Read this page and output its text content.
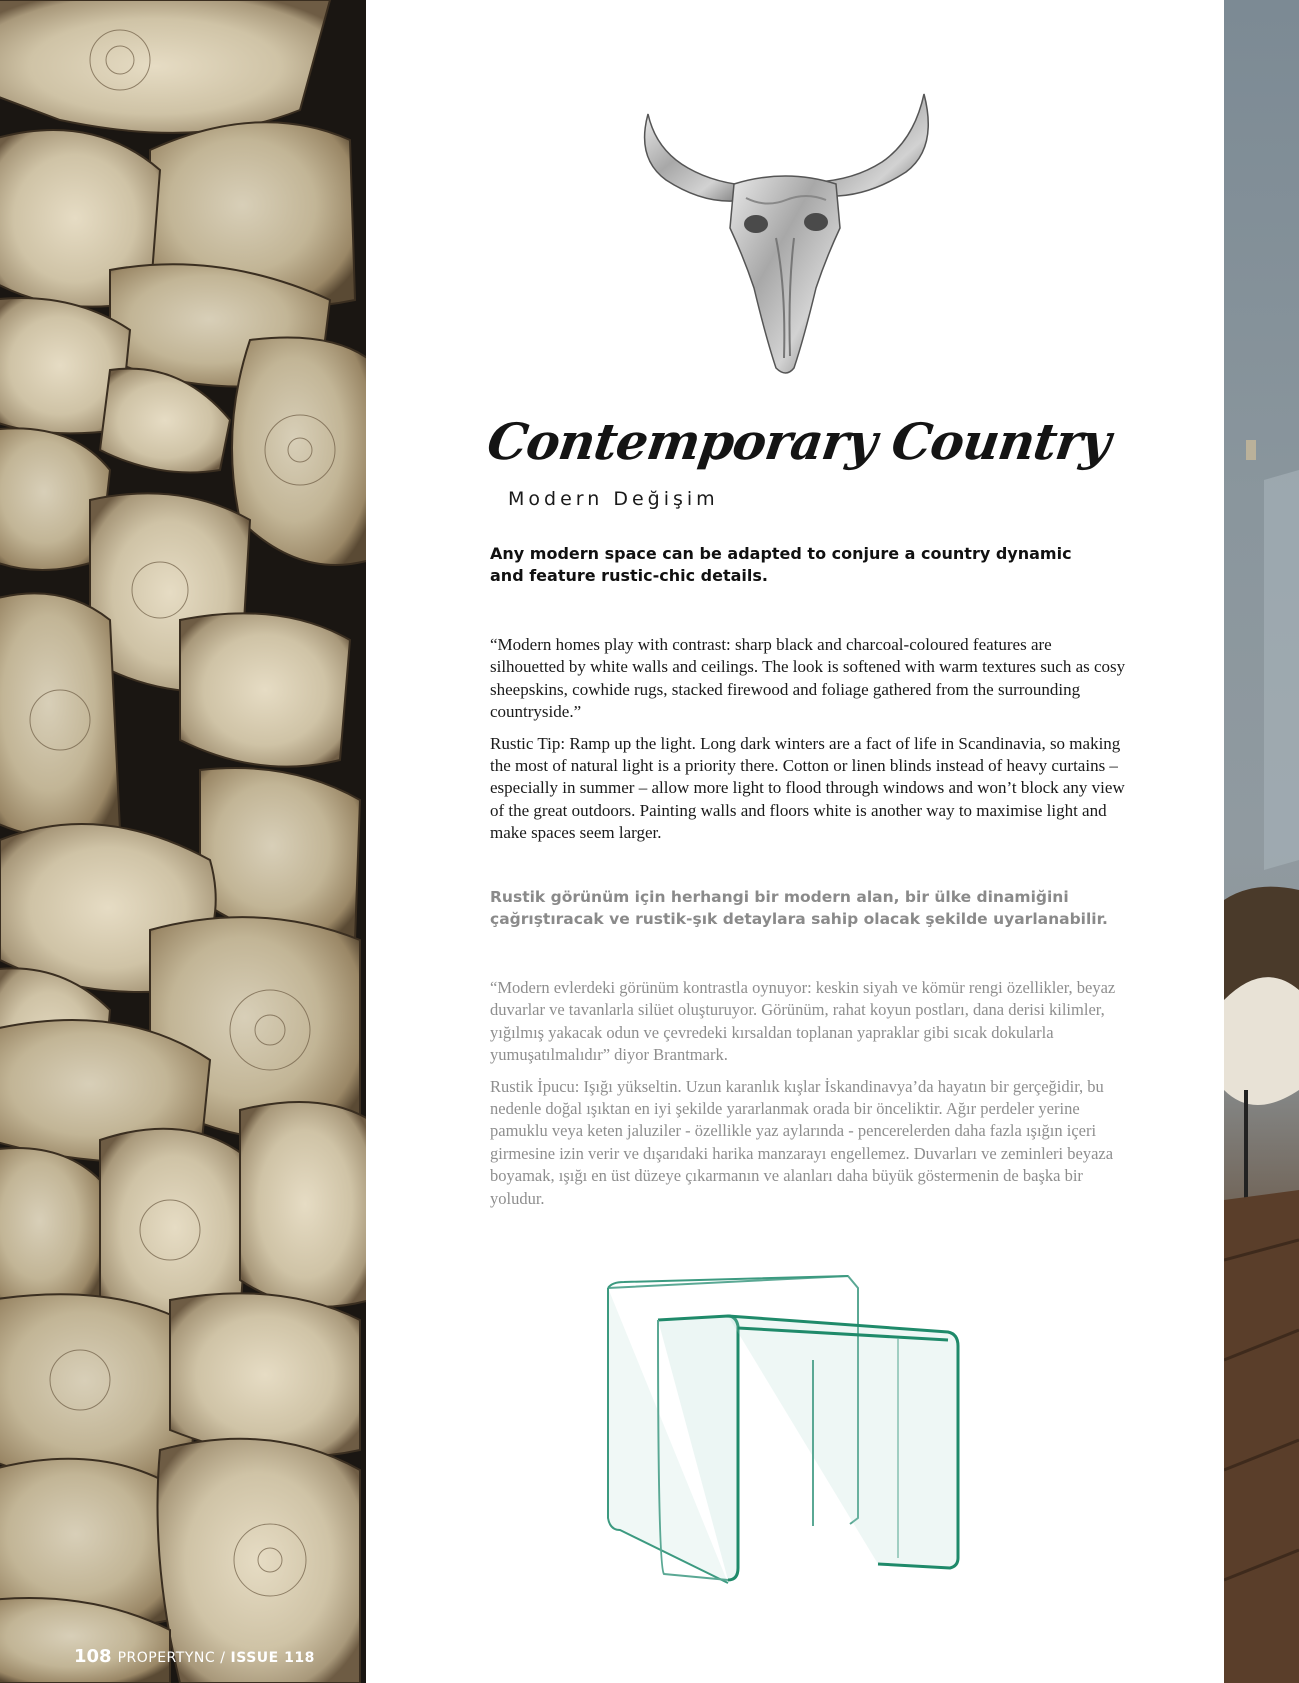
108 PROPERTYNC / ISSUE 118
Contemporary Country

Modern Değişim

Any modern space can be adapted to conjure a country dynamic and feature rustic-chic details.

“Modern homes play with contrast: sharp black and charcoal-coloured features are silhouetted by white walls and ceilings. The look is softened with warm textures such as cosy sheepskins, cowhide rugs, stacked firewood and foliage gathered from the surrounding countryside.”

Rustic Tip: Ramp up the light. Long dark winters are a fact of life in Scandinavia, so making the most of natural light is a priority there. Cotton or linen blinds instead of heavy curtains – especially in summer – allow more light to flood through windows and won’t block any view of the great outdoors. Painting walls and floors white is another way to maximise light and make spaces seem larger.

Rustik görünüm için herhangi bir modern alan, bir ülke dinamiğini çağrıştıracak ve rustik-şık detaylara sahip olacak şekilde uyarlanabilir.

“Modern evlerdeki görünüm kontrastla oynuyor: keskin siyah ve kömür rengi özellikler, beyaz duvarlar ve tavanlarla silüet oluşturuyor. Görünüm, rahat koyun postları, dana derisi kilimler, yığılmış yakacak odun ve çevredeki kırsaldan toplanan yapraklar gibi sıcak dokularla yumuşatılmalıdır” diyor Brantmark.

Rustik İpucu: Işığı yükseltin. Uzun karanlık kışlar İskandinavya’da hayatın bir gerçeğidir, bu nedenle doğal ışıktan en iyi şekilde yararlanmak orada bir önceliktir. Ağır perdeler yerine pamuklu veya keten jaluziler - özellikle yaz aylarında - pencerelerden daha fazla ışığın içeri girmesine izin verir ve dışarıdaki harika manzarayı engellemez. Duvarları ve zeminleri beyaza boyamak, ışığı en üst düzeye çıkarmanın ve alanları daha büyük göstermenin de başka bir yoludur.
